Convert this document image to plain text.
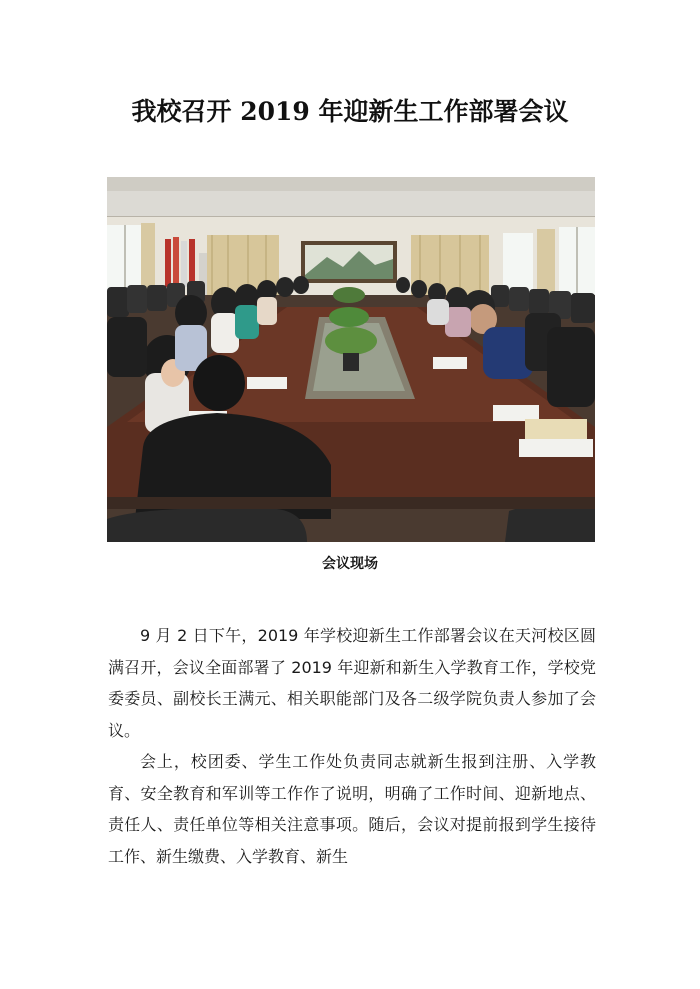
我校召开 2019 年迎新生工作部署会议
会议现场

9 月 2 日下午，2019 年学校迎新生工作部署会议在天河校区圆满召开，会议全面部署了 2019 年迎新和新生入学教育工作，学校党委委员、副校长王满元、相关职能部门及各二级学院负责人参加了会议。

会上，校团委、学生工作处负责同志就新生报到注册、入学教育、安全教育和军训等工作作了说明，明确了工作时间、迎新地点、责任人、责任单位等相关注意事项。随后，会议对提前报到学生接待工作、新生缴费、入学教育、新生
